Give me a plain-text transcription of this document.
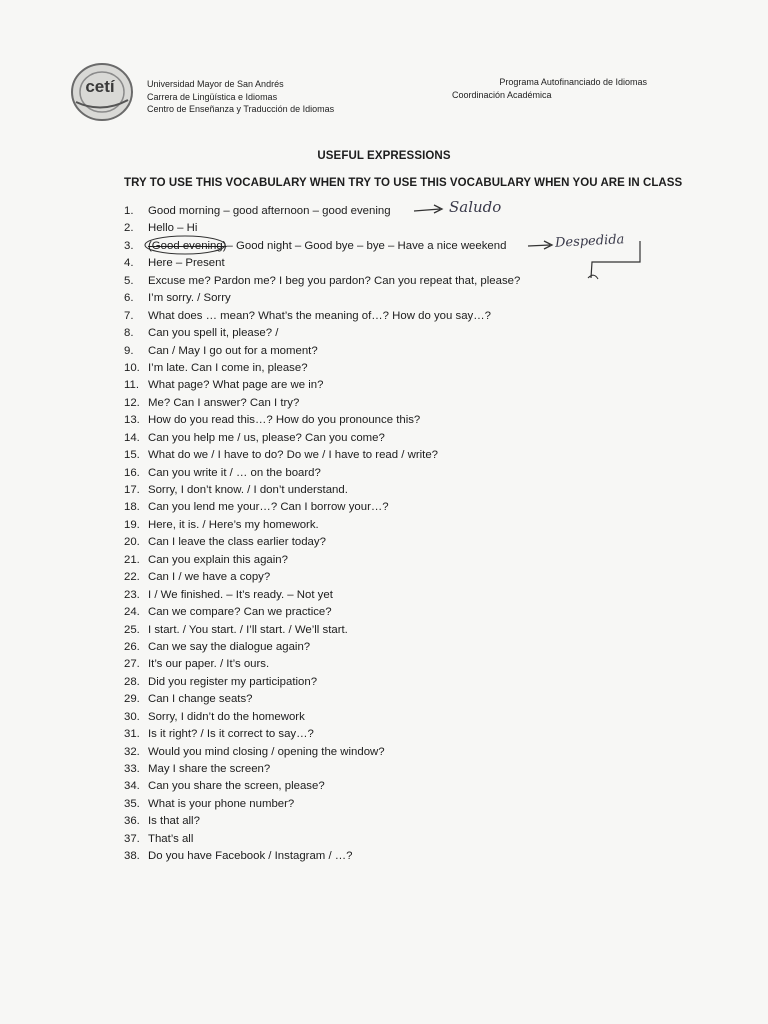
cetí	Universidad Mayor de San Andrés
Carrera de Lingüística e Idiomas
Centro de Enseñanza y Traducción de Idiomas
Programa Autofinanciado de Idiomas
Coordinación Académica
USEFUL EXPRESSIONS
TRY TO USE THIS VOCABULARY WHEN TRY TO USE THIS VOCABULARY WHEN YOU ARE IN CLASS
1.	Good morning – good afternoon – good evening
2.	Hello – Hi
3.	(Good evening)– Good night – Good bye – bye – Have a nice weekend
4.	Here – Present
5.	Excuse me? Pardon me? I beg you pardon? Can you repeat that, please?
6.	I’m sorry. / Sorry
7.	What does … mean? What’s the meaning of…? How do you say…?
8.	Can you spell it, please? /
9.	Can / May I go out for a moment?
10. I’m late. Can I come in, please?
11. What page? What page are we in?
12. Me? Can I answer? Can I try?
13. How do you read this…? How do you pronounce this?
14. Can you help me / us, please? Can you come?
15. What do we / I have to do? Do we / I have to read / write?
16. Can you write it / … on the board?
17. Sorry, I don’t know. / I don’t understand.
18. Can you lend me your…? Can I borrow your…?
19. Here, it is. / Here’s my homework.
20. Can I leave the class earlier today?
21. Can you explain this again?
22. Can I / we have a copy?
23. I / We finished. – It’s ready. – Not yet
24. Can we compare? Can we practice?
25. I start. / You start. / I’ll start. / We’ll start.
26. Can we say the dialogue again?
27. It’s our paper. / It’s ours.
28. Did you register my participation?
29. Can I change seats?
30. Sorry, I didn’t do the homework
31. Is it right? / Is it correct to say…?
32. Would you mind closing / opening the window?
33. May I share the screen?
34. Can you share the screen, please?
35. What is your phone number?
36. Is that all?
37. That’s all
38. Do you have Facebook / Instagram / …?
Saludo
Despedida
